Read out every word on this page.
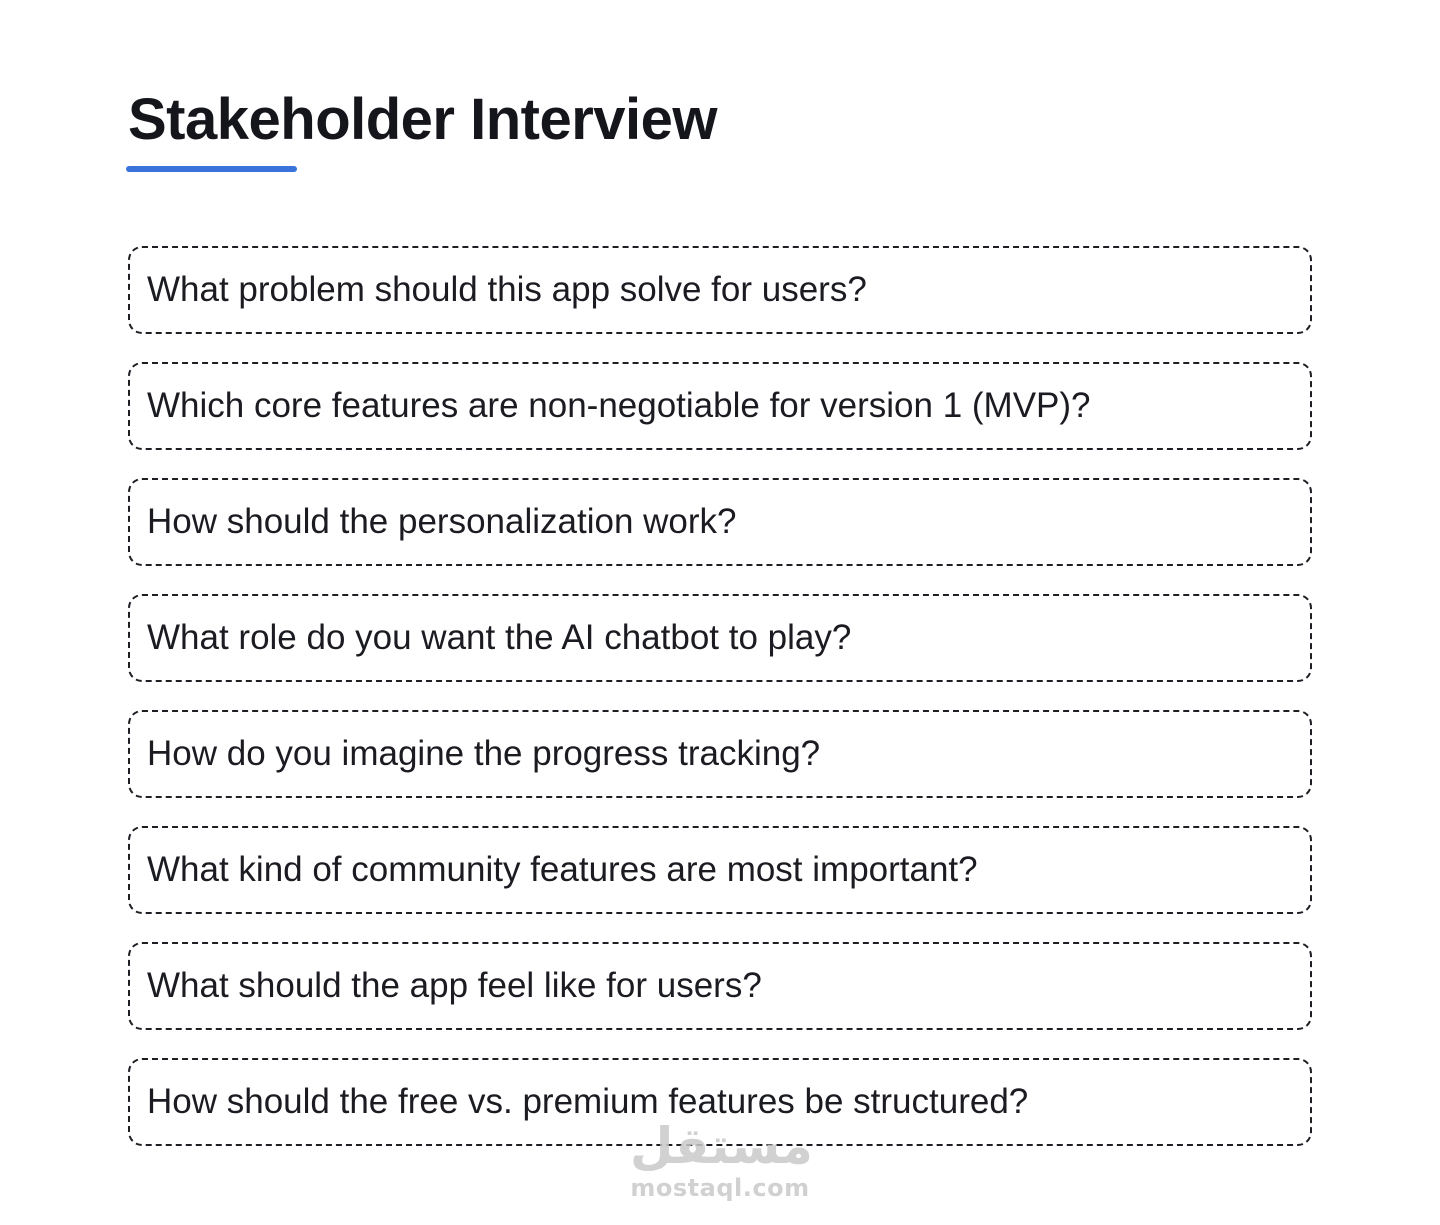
Stakeholder Interview
What problem should this app solve for users?
Which core features are non-negotiable for version 1 (MVP)?
How should the personalization work?
What role do you want the AI chatbot to play?
How do you imagine the progress tracking?
What kind of community features are most important?
What should the app feel like for users?
How should the free vs. premium features be structured?
مستقل
mostaql.com
